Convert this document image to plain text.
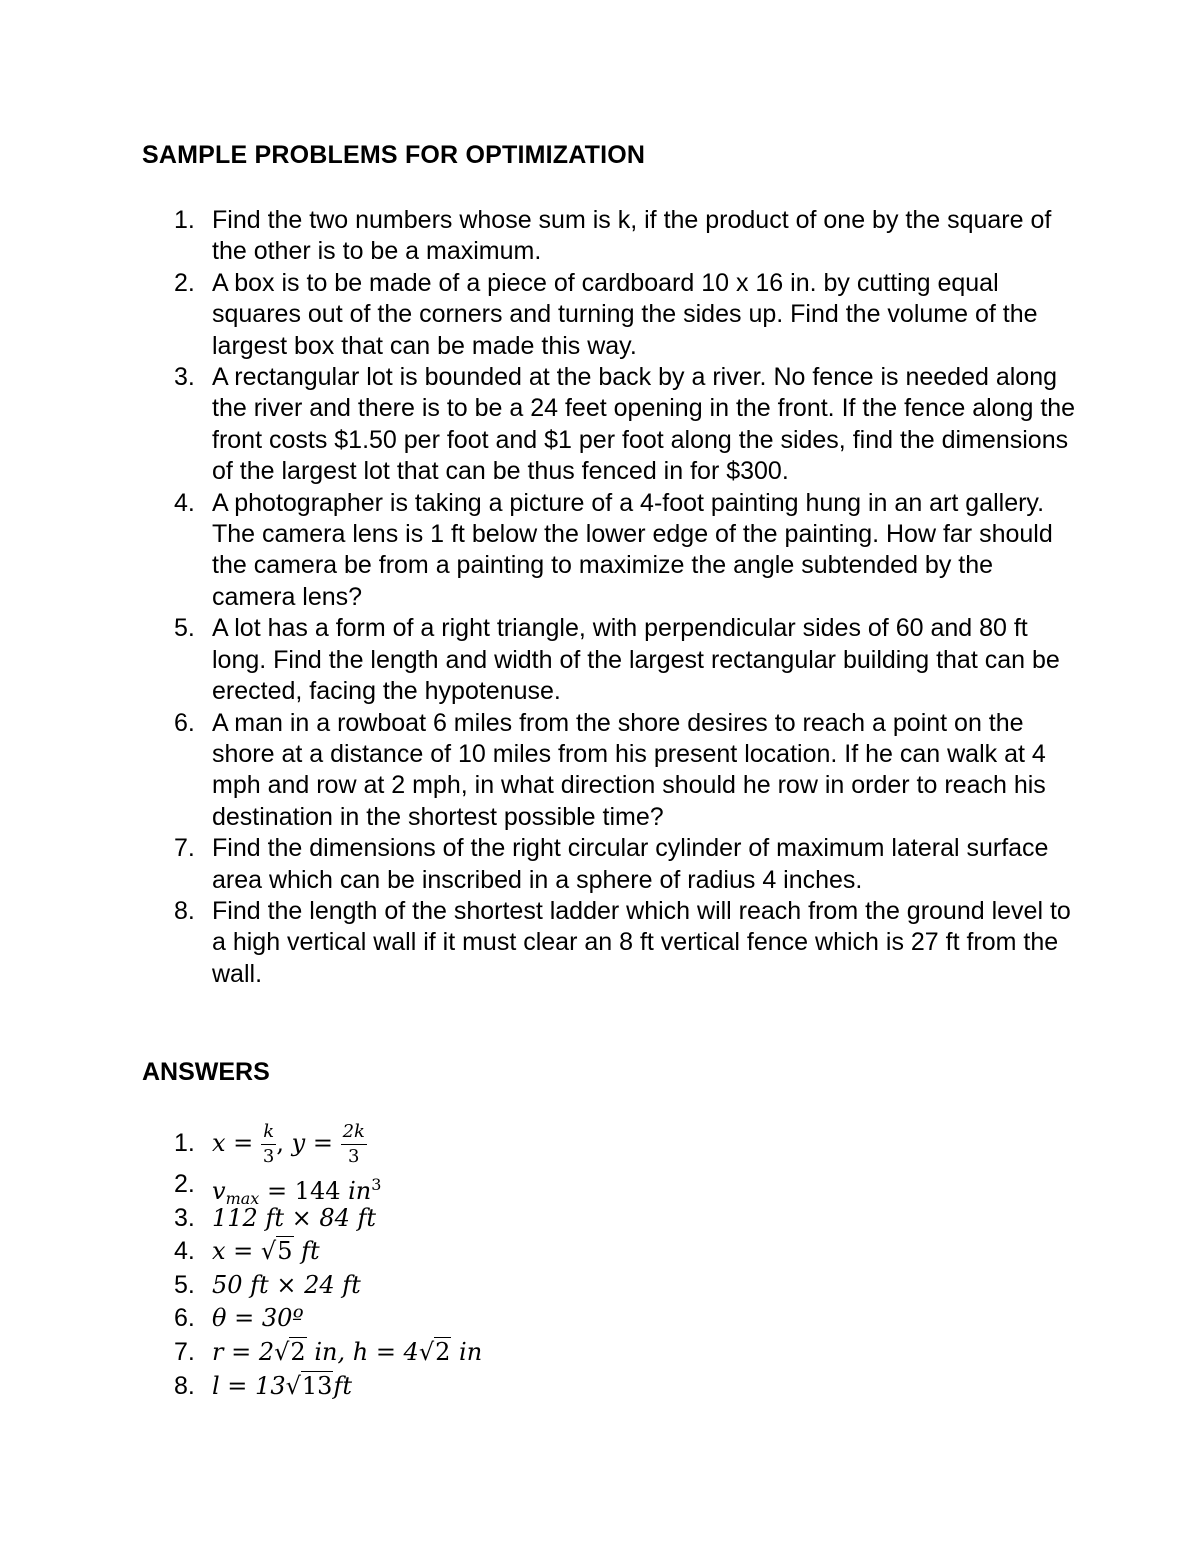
SAMPLE PROBLEMS FOR OPTIMIZATION
1. Find the two numbers whose sum is k, if the product of one by the square of the other is to be a maximum.
2. A box is to be made of a piece of cardboard 10 x 16 in. by cutting equal squares out of the corners and turning the sides up. Find the volume of the largest box that can be made this way.
3. A rectangular lot is bounded at the back by a river. No fence is needed along the river and there is to be a 24 feet opening in the front. If the fence along the front costs $1.50 per foot and $1 per foot along the sides, find the dimensions of the largest lot that can be thus fenced in for $300.
4. A photographer is taking a picture of a 4-foot painting hung in an art gallery. The camera lens is 1 ft below the lower edge of the painting. How far should the camera be from a painting to maximize the angle subtended by the camera lens?
5. A lot has a form of a right triangle, with perpendicular sides of 60 and 80 ft long. Find the length and width of the largest rectangular building that can be erected, facing the hypotenuse.
6. A man in a rowboat 6 miles from the shore desires to reach a point on the shore at a distance of 10 miles from his present location. If he can walk at 4 mph and row at 2 mph, in what direction should he row in order to reach his destination in the shortest possible time?
7. Find the dimensions of the right circular cylinder of maximum lateral surface area which can be inscribed in a sphere of radius 4 inches.
8. Find the length of the shortest ladder which will reach from the ground level to a high vertical wall if it must clear an 8 ft vertical fence which is 27 ft from the wall.
ANSWERS
1. $x = \frac{k}{3}$ , $y = \frac{2k}{3}$
2. $v_{max} = 144$ $in^3$
3. 112 ft × 84 ft
4. x = √5 ft
5. 50 ft × 24 ft
6. θ = 30º
7. r = 2√2 in, h = 4√2 in
8. l = 13√13ft
